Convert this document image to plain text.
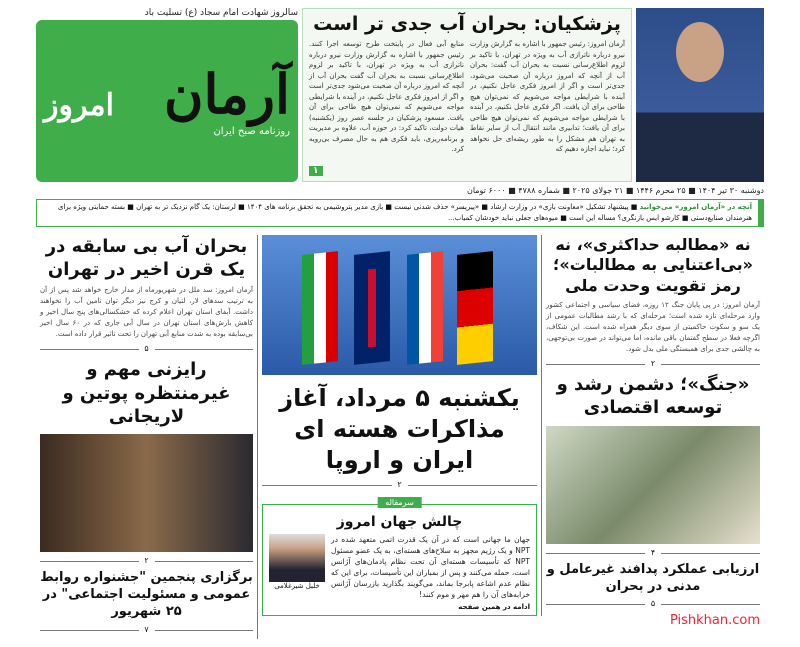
سالروز شهادت امام سجاد (ع) تسلیت باد
آرمان
امروز
روزنامه صبح ایران
پزشکیان: بحران آب جدی تر است

آرمان امروز: رئیس جمهور با اشاره به گزارش وزارت نیرو درباره ناترازی آب به ویژه در تهران، با تاکید بر لزوم اطلاع‌رسانی نسبت به بحران آب گفت: بحران آب از آنچه که امروز درباره آن صحبت می‌شود، جدی‌تر است و اگر از امروز فکری عاجل نکنیم، در آینده با شرایطی مواجه می‌شویم که نمی‌توان هیچ طاحی برای آن یافت. اگر فکری عاجل نکنیم، در آینده با شرایطی مواجه می‌شویم که نمی‌توان هیچ طاحی برای آن یافت؛ تدابیری مانند انتقال آب از سایر نقاط به تهران هم مشکل را به طور ریشه‌ای حل نخواهد کرد؛ نباید اجازه دهیم که

منابع آبی فعال در پایتخت طرح توسعه اجرا کنند. رئیس جمهور با اشاره به گزارش وزارت نیرو درباره ناترازی آب به ویژه در تهران، با تاکید بر لزوم اطلاع‌رسانی نسبت به بحران آب گفت بحران آب از آنچه که امروز درباره آن صحبت می‌شود جدی‌تر است و اگر از امروز فکری عاجل نکنیم، در آینده با شرایطی مواجه می‌شویم که نمی‌توان هیچ طاحی برای آن یافت. مسعود پزشکیان در جلسه عصر روز (یکشنبه) هیات دولت، تاکید کرد: در حوزه آب، علاوه بر مدیریت و برنامه‌ریزی، باید فکری هم به حال مصرف بی‌رویه کرد.

۱
دوشنبه ۳۰ تیر ۱۴۰۴ ■ ۲۵ محرم ۱۴۴۶ ■ ۲۱ جولای ۲۰۲۵ ■ شماره ۴۷۸۸ ■ ۶۰۰۰ تومان
آنچه در «آرمان امروز» می‌خوانید ■ پیشنهاد تشکیل «معاونت بازی» در وزارت ارشاد ■ «پیرپسر» حذف شدنی نیست ■ بازی مدیر پتروشیمی به تحقق برنامه های ۱۴۰۴ ■ لرستان: یک گام نزدیک تر به تهران ■ بسته حمایتی ویژه برای هنرمندان صنایع‌دستی ■ کارشو ایس بازنگری؟ مساله این است ■ میوه‌های جعلی نباید خودشان کمیاب...
بحران آب بی سابقه در یک قرن اخیر در تهران
آرمان امروز: سد ملل در شهریورماه از مدار خارج خواهد شد پس از آن به ترتیب سدهای لار، لتیان و کرج نیز دیگر توان تامین آب را نخواهند داشت. آبفای استان تهران اعلام کرده که خشکسالی‌های پنج سال اخیر و کاهش بارش‌های استان تهران در سال آبی جاری که در ۶۰ سال اخیر بی‌سابقه بوده به شدت منابع آبی تهران را تحت تاثیر قرار داده است.
۵
رایزنی مهم و غیرمنتظره پوتین و لاریجانی
۲
برگزاری پنجمین "جشنواره روابط عمومی و مسئولیت اجتماعی" در ۲۵ شهریور
۷
یکشنبه ۵ مرداد، آغاز مذاکرات هسته ای ایران و اروپا
۲
سرمقاله
چالش جهان امروز
جهان ما جهانی است که در آن یک قدرت اتمی متعهد شده در NPT و یک رژیم مجهز به سلاح‌های هسته‌ای، به یک عضو مسئول NPT که تأسیسات هسته‌ای آن تحت نظام پادمان‌های آژانس است، حمله می‌کنند و پس از بمباران این تأسیسات، برای این که نظام عدم اشاعه پابرجا بماند، می‌گویند بگذارید بازرسان آژانس خرابه‌های آن را هم مهر و موم کنند!
خلیل شیرغلامی
ادامه در همین صفحه
نه «مطالبه حداکثری»، نه «بی‌اعتنایی به مطالبات»؛ رمز تقویت وحدت ملی
آرمان امروز: در پی پایان جنگ ۱۲ روزه، فضای سیاسی و اجتماعی کشور وارد مرحله‌ای تازه شده است؛ مرحله‌ای که با رشد مطالبات عمومی از یک سو و سکوت حاکمیتی از سوی دیگر همراه شده است. این شکاف، اگرچه فعلا در سطح گفتمان باقی مانده، اما می‌تواند در صورت بی‌توجهی، به چالشی جدی برای همبستگی ملی بدل شود.
۲
«جنگ»؛ دشمن رشد و توسعه اقتصادی
۴
ارزیابی عملکرد پدافند غیرعامل و مدنی در بحران
۵
Pishkhan.com
